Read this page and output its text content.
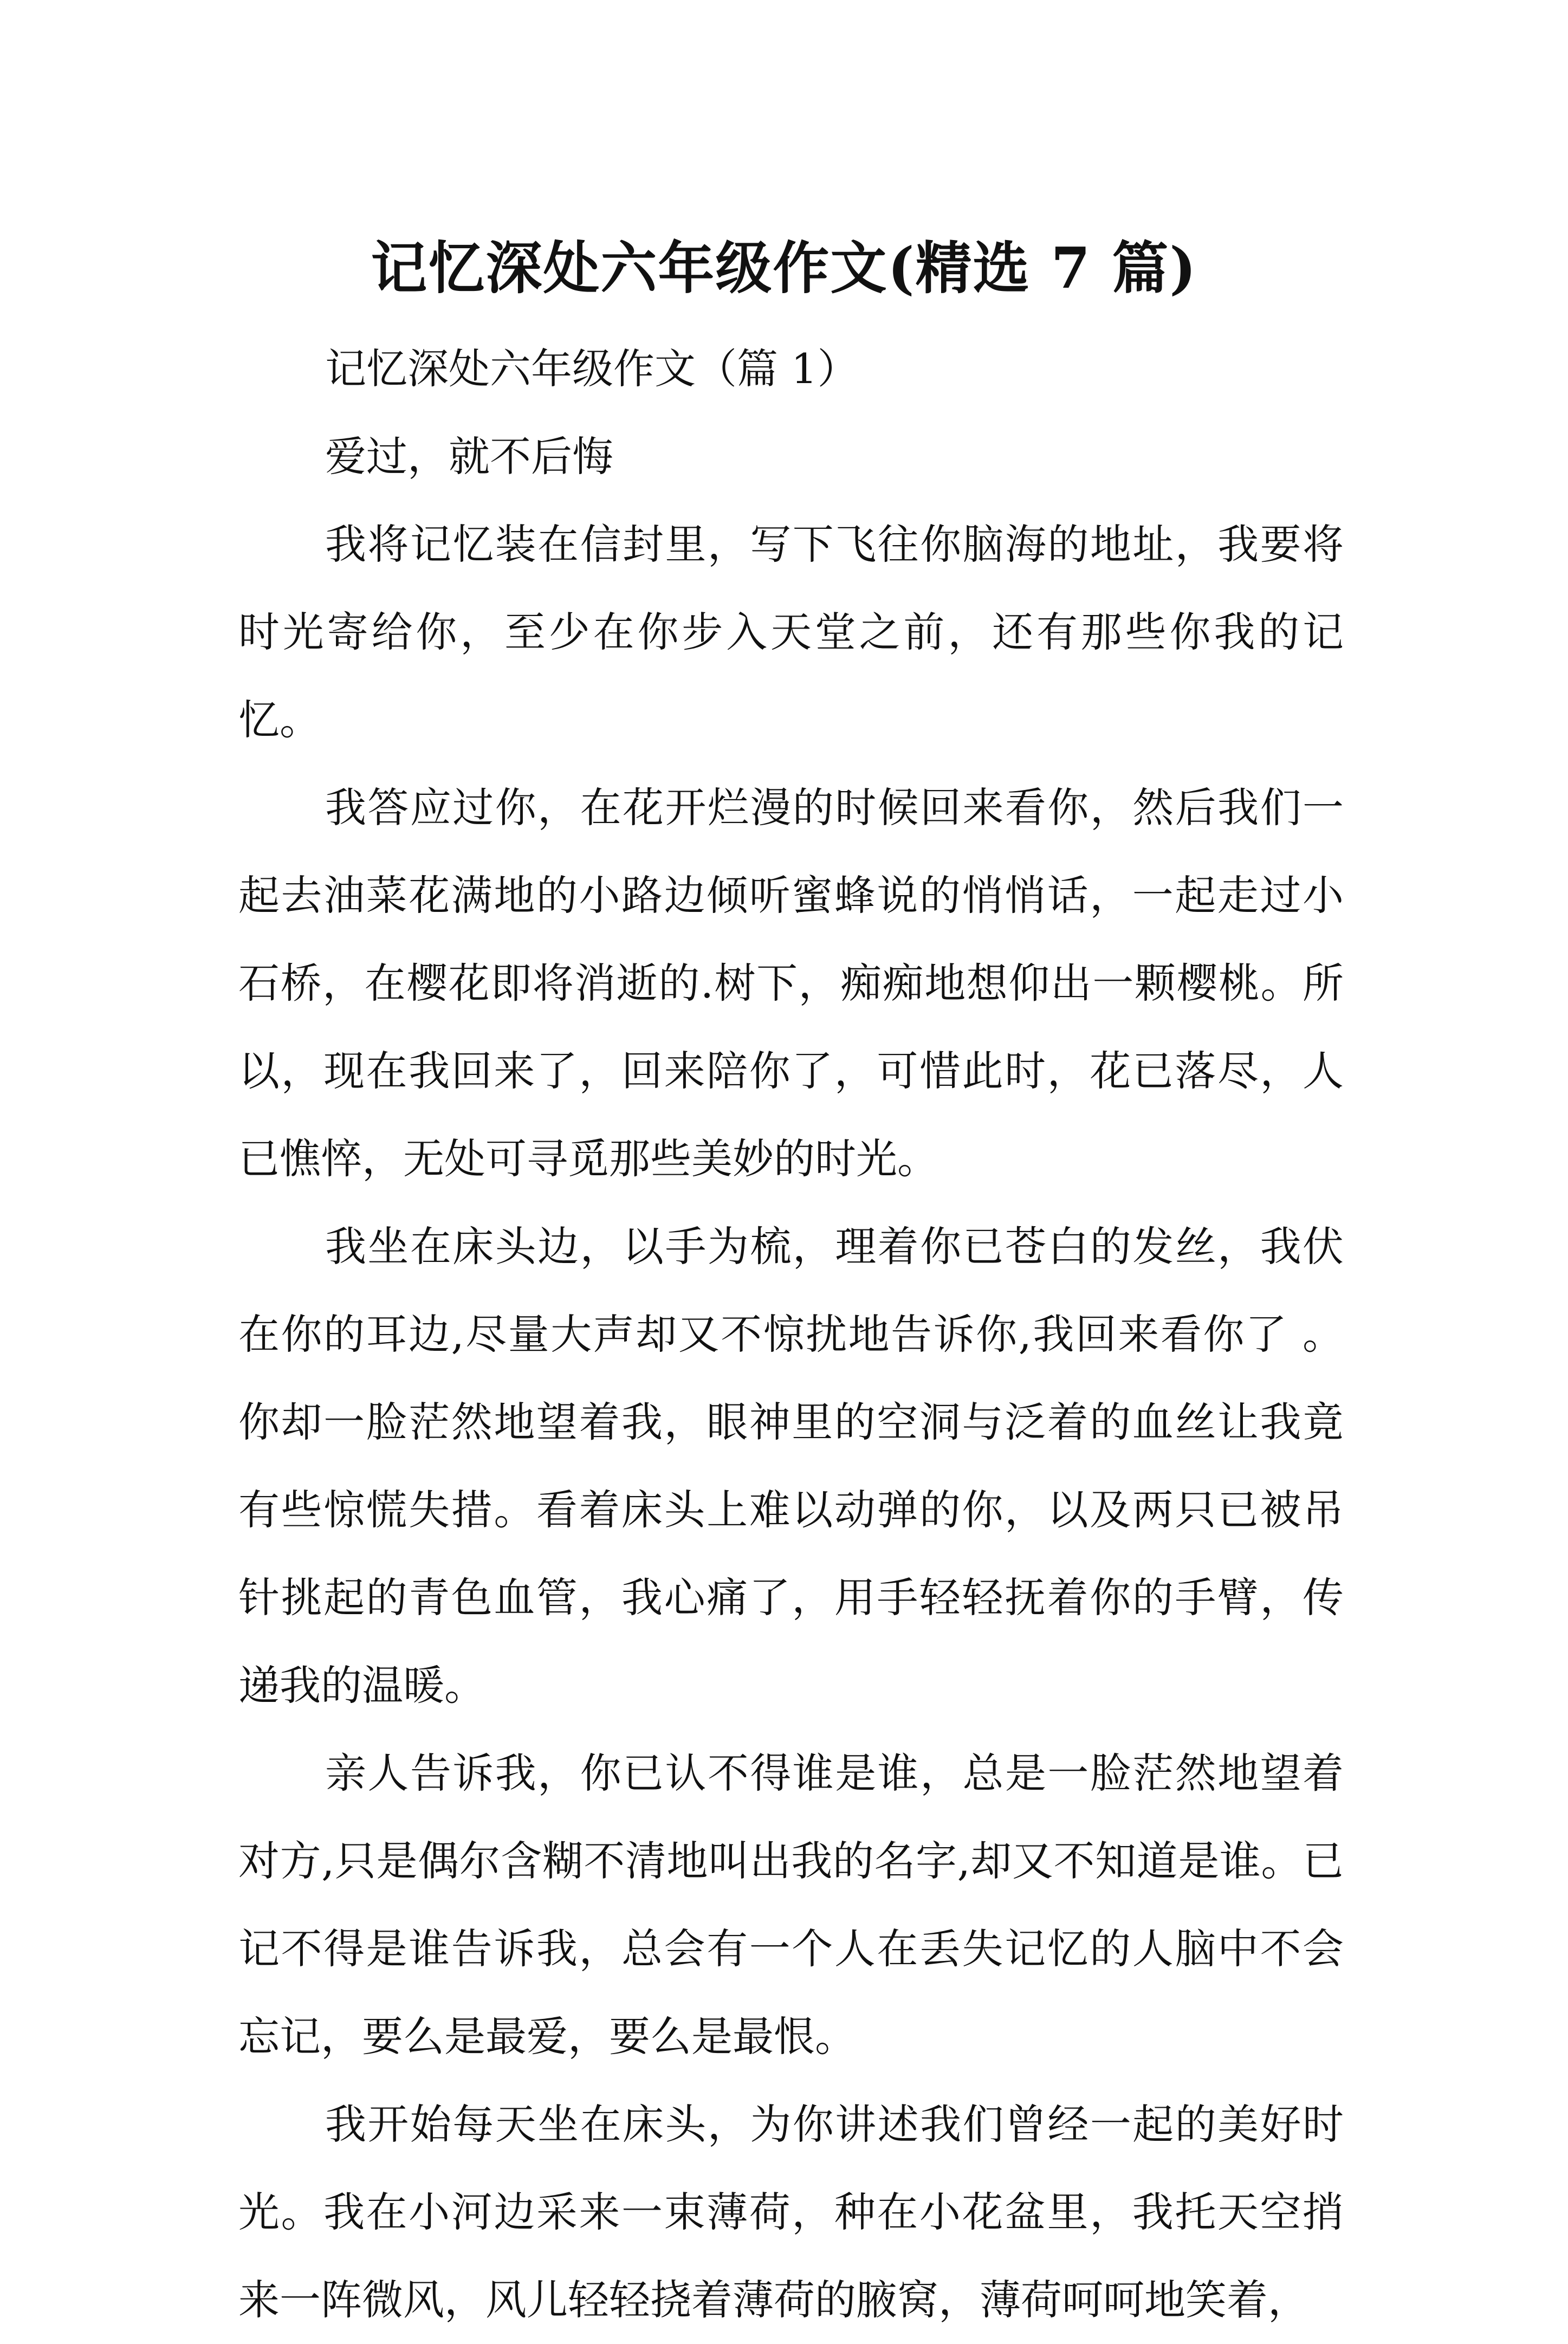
记忆深处六年级作文(精选 7 篇)

记忆深处六年级作文（篇 1）

爱过，就不后悔

我将记忆装在信封里，写下飞往你脑海的地址，我要将时光寄给你，至少在你步入天堂之前，还有那些你我的记忆。

我答应过你，在花开烂漫的时候回来看你，然后我们一起去油菜花满地的小路边倾听蜜蜂说的悄悄话，一起走过小石桥，在樱花即将消逝的.树下，痴痴地想仰出一颗樱桃。所以，现在我回来了，回来陪你了，可惜此时，花已落尽，人已憔悴，无处可寻觅那些美妙的时光。

我坐在床头边，以手为梳，理着你已苍白的发丝，我伏在你的耳边,尽量大声却又不惊扰地告诉你,我回来看你了 。你却一脸茫然地望着我，眼神里的空洞与泛着的血丝让我竟有些惊慌失措。看着床头上难以动弹的你，以及两只已被吊针挑起的青色血管，我心痛了，用手轻轻抚着你的手臂，传递我的温暖。

亲人告诉我，你已认不得谁是谁，总是一脸茫然地望着对方,只是偶尔含糊不清地叫出我的名字,却又不知道是谁。已记不得是谁告诉我，总会有一个人在丢失记忆的人脑中不会忘记，要么是最爱，要么是最恨。

我开始每天坐在床头，为你讲述我们曾经一起的美好时光。我在小河边采来一束薄荷，种在小花盆里，我托天空捎来一阵微风，风儿轻轻挠着薄荷的腋窝，薄荷呵呵地笑着，
